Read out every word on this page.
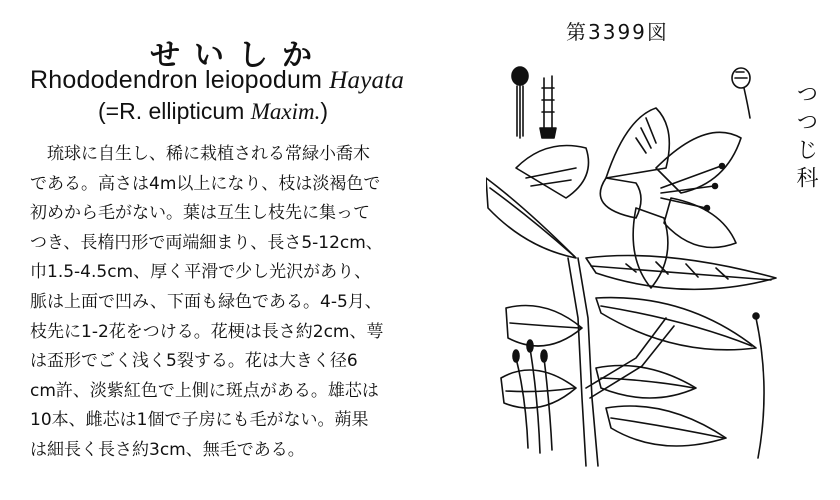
せいしか
Rhododendron leiopodum Hayata
(=R. ellipticum Maxim.)
　琉球に自生し、稀に栽植される常緑小喬木
である。高さは4m以上になり、枝は淡褐色で
初めから毛がない。葉は互生し枝先に集って
つき、長楕円形で両端細まり、長さ5-12cm、
巾1.5-4.5cm、厚く平滑で少し光沢があり、
脈は上面で凹み、下面も緑色である。4-5月、
枝先に1-2花をつける。花梗は長さ約2cm、萼
は盃形でごく浅く5裂する。花は大きく径6
cm許、淡紫紅色で上側に斑点がある。雄芯は
10本、雌芯は1個で子房にも毛がない。蒴果
は細長く長さ約3cm、無毛である。
第3399図
つつじ科
